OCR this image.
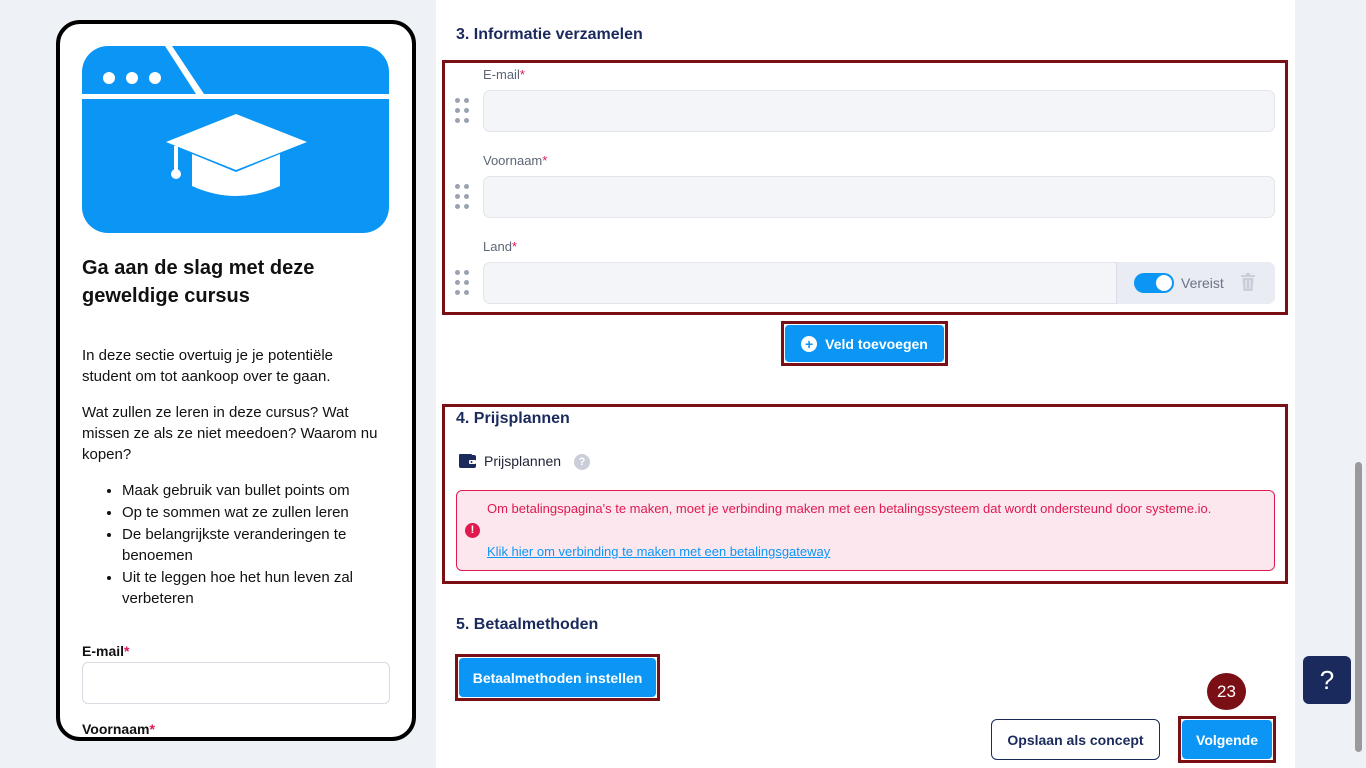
Ga aan de slag met deze geweldige cursus

In deze sectie overtuig je je potentiële student om tot aankoop over te gaan.

Wat zullen ze leren in deze cursus? Wat missen ze als ze niet meedoen? Waarom nu kopen?

• Maak gebruik van bullet points om
• Op te sommen wat ze zullen leren
• De belangrijkste veranderingen te benoemen
• Uit te leggen hoe het hun leven zal verbeteren
E-mail*
Voornaam*
3. Informatie verzamelen
E-mail*
Voornaam*
Land*
Vereist
+ Veld toevoegen
4. Prijsplannen
Prijsplannen	?
!
Om betalingspagina's te maken, moet je verbinding maken met een betalingssysteem dat wordt ondersteund door systeme.io.
Klik hier om verbinding te maken met een betalingsgateway
5. Betaalmethoden
Betaalmethoden instellen
Opslaan als concept	Volgende
23	?
